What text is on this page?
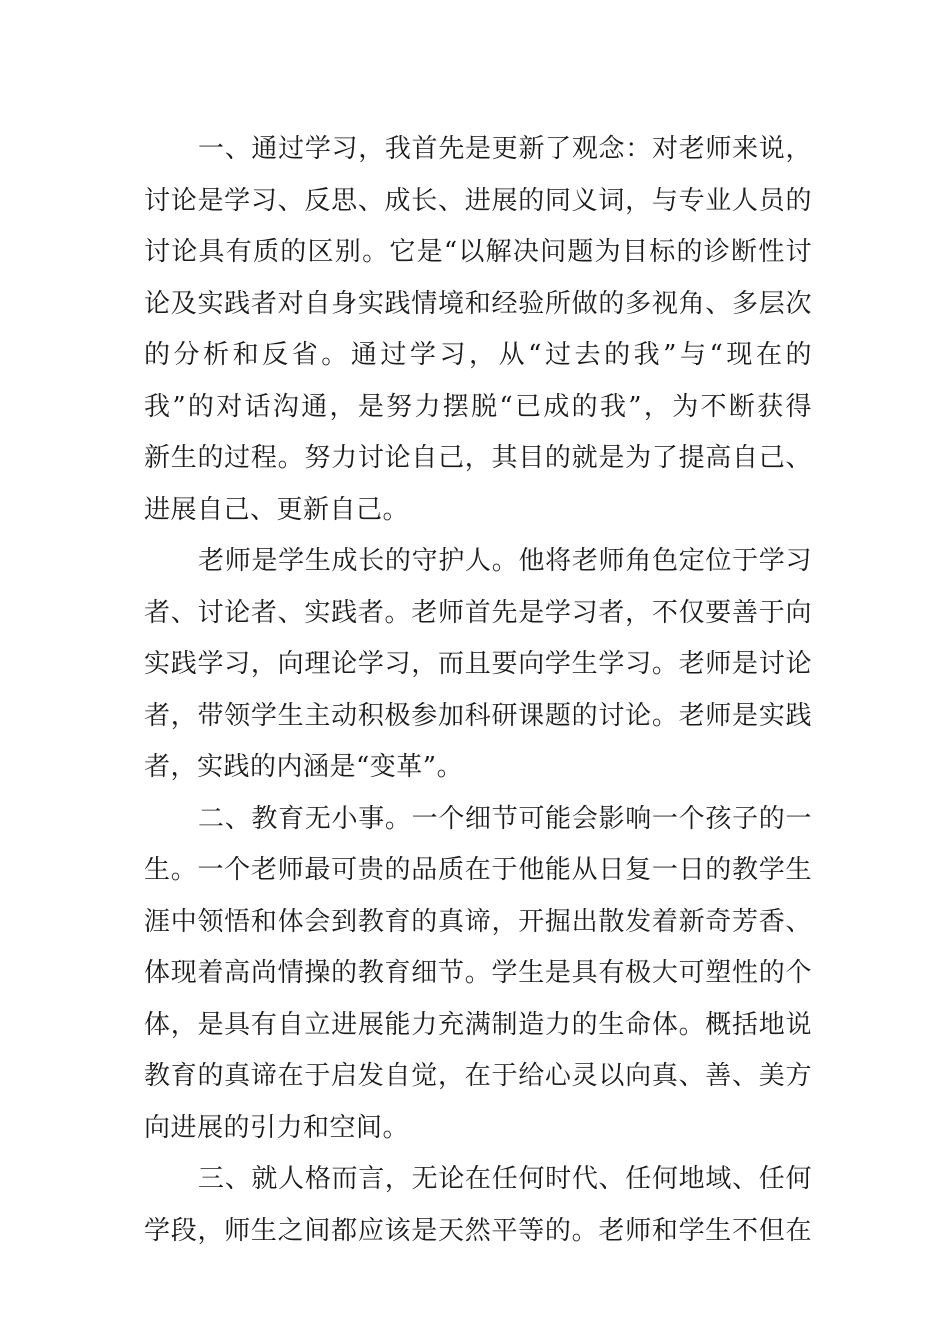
一、通过学习，我首先是更新了观念：对老师来说，
讨论是学习、反思、成长、进展的同义词，与专业人员的
讨论具有质的区别。它是“以解决问题为目标的诊断性讨
论及实践者对自身实践情境和经验所做的多视角、多层次
的分析和反省。通过学习，从“过去的我”与“现在的
我”的对话沟通，是努力摆脱“已成的我”，为不断获得
新生的过程。努力讨论自己，其目的就是为了提高自己、
进展自己、更新自己。
老师是学生成长的守护人。他将老师角色定位于学习
者、讨论者、实践者。老师首先是学习者，不仅要善于向
实践学习，向理论学习，而且要向学生学习。老师是讨论
者，带领学生主动积极参加科研课题的讨论。老师是实践
者，实践的内涵是“变革”。
二、教育无小事。一个细节可能会影响一个孩子的一
生。一个老师最可贵的品质在于他能从日复一日的教学生
涯中领悟和体会到教育的真谛，开掘出散发着新奇芳香、
体现着高尚情操的教育细节。学生是具有极大可塑性的个
体，是具有自立进展能力充满制造力的生命体。概括地说
教育的真谛在于启发自觉，在于给心灵以向真、善、美方
向进展的引力和空间。
三、就人格而言，无论在任何时代、任何地域、任何
学段，师生之间都应该是天然平等的。老师和学生不但在
